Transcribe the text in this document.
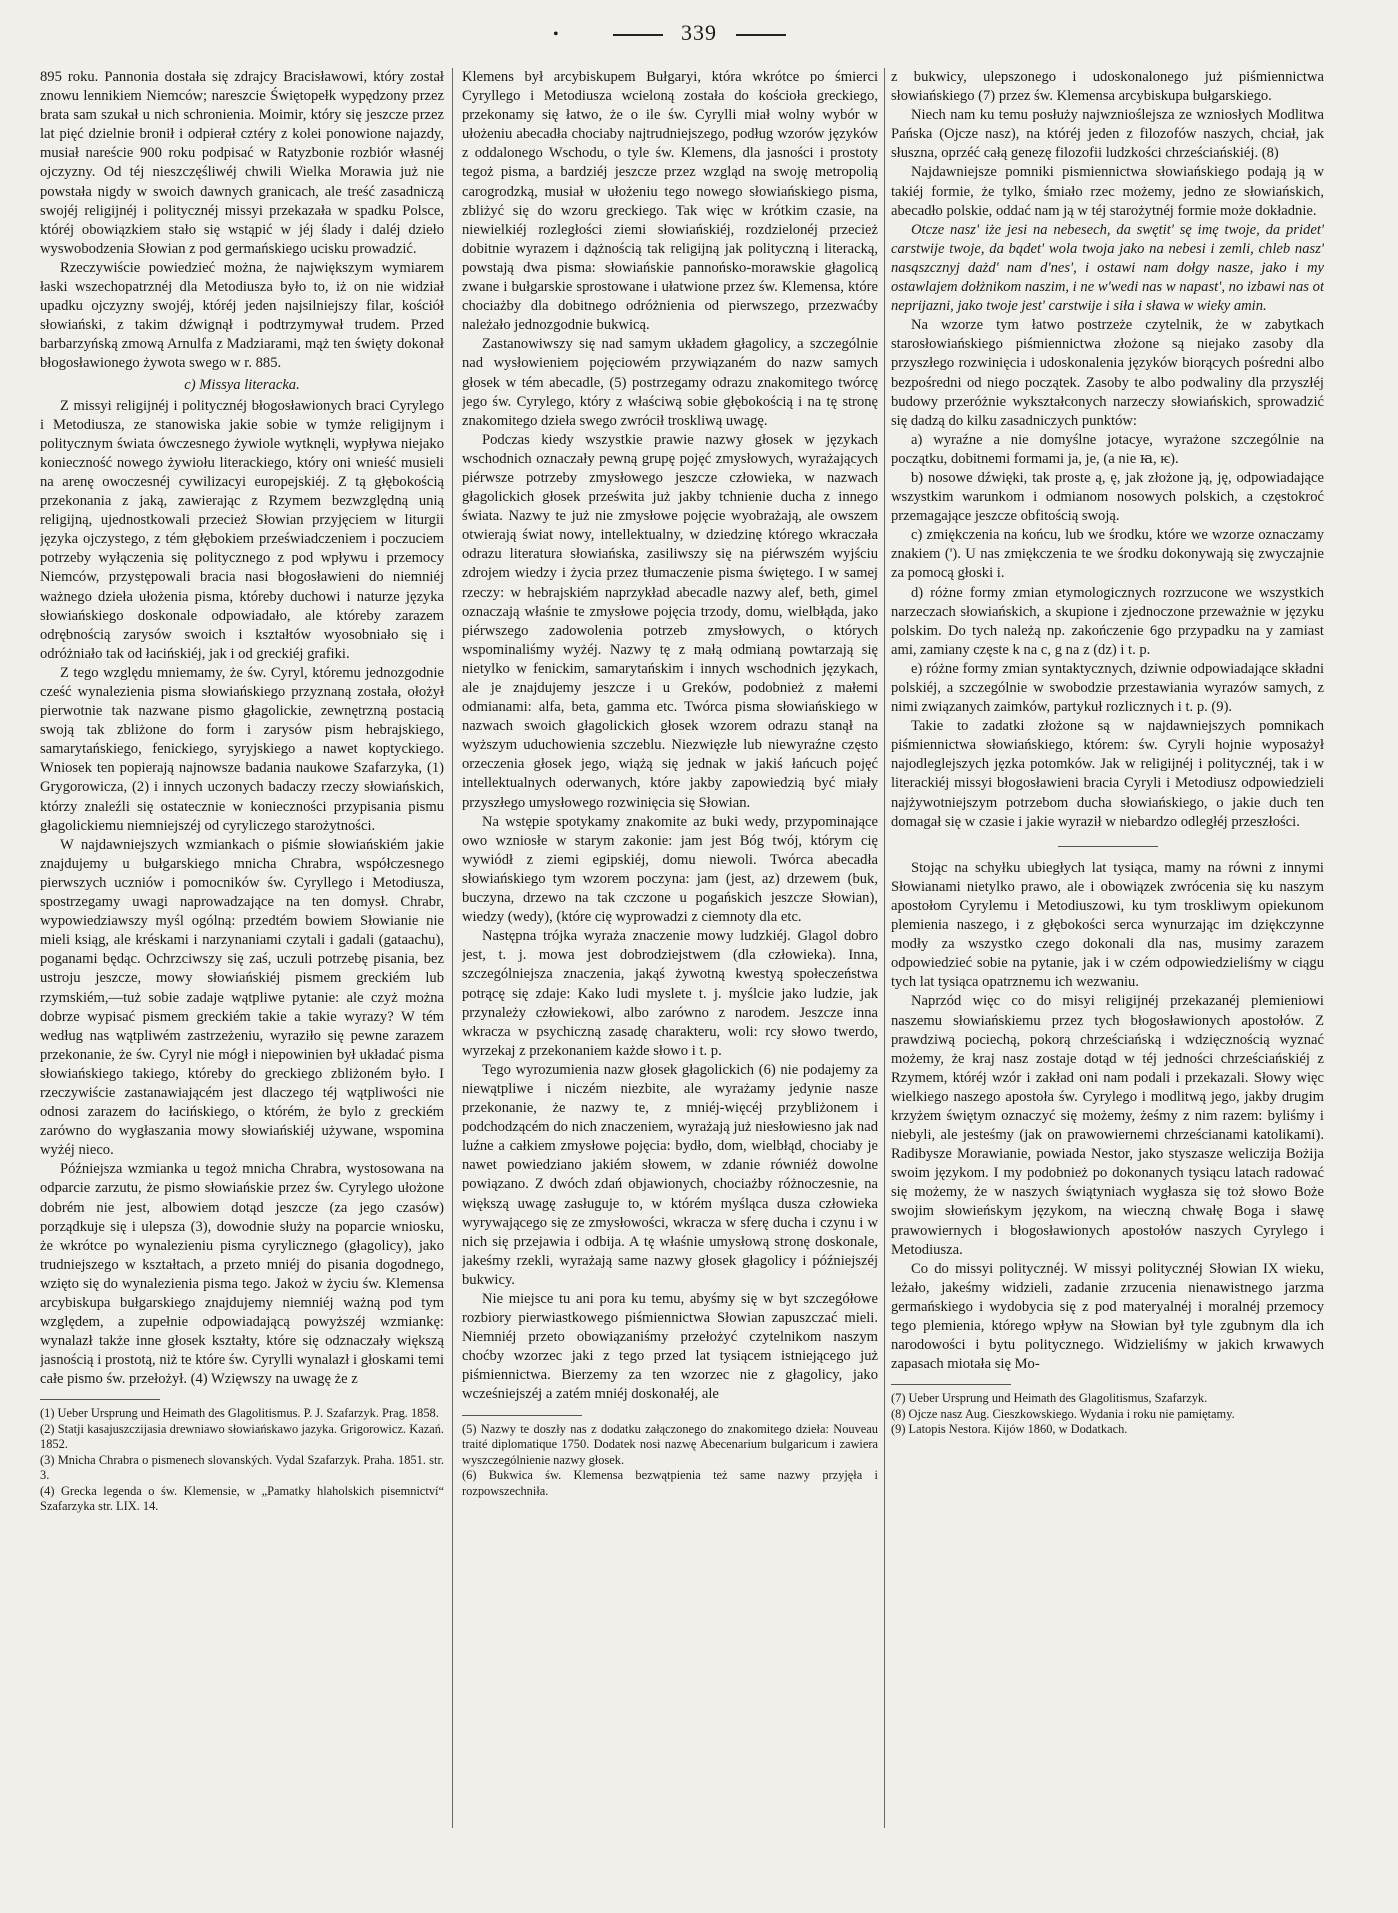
•	339

895 roku. Pannonia dostała się zdrajcy Bracisławowi, który został znowu lennikiem Niemców; nareszcie Świętopełk wypędzony przez brata sam szukał u nich schronienia. Moimir, który się jeszcze przez lat pięć dzielnie bronił i odpierał cztéry z kolei ponowione najazdy, musiał nareście 900 roku podpisać w Ratyzbonie rozbiór własnéj ojczyzny. Od téj nieszczęśliwéj chwili Wielka Morawia już nie powstała nigdy w swoich dawnych granicach, ale treść zasadniczą swojéj religijnéj i politycznéj missyi przekazała w spadku Polsce, któréj obowiązkiem stało się wstąpić w jéj ślady i daléj dzieło wyswobodzenia Słowian z pod germańskiego ucisku prowadzić.

Rzeczywiście powiedzieć można, że największym wymiarem łaski wszechopatrznéj dla Metodiusza było to, iż on nie widział upadku ojczyzny swojéj, któréj jeden najsilniejszy filar, kościół słowiański, z takim dźwignął i podtrzymywał trudem. Przed barbarzyńską zmową Arnulfa z Madziarami, mąż ten święty dokonał błogosławionego żywota swego w r. 885.

c) Missya literacka.

Z missyi religijnéj i politycznéj błogosławionych braci Cyrylego i Metodiusza, ze stanowiska jakie sobie w tymże religijnym i politycznym świata ówczesnego żywiole wytknęli, wypływa niejako konieczność nowego żywiołu literackiego, który oni wnieść musieli na arenę owoczesnéj cywilizacyi europejskiéj. Z tą głębokością przekonania z jaką, zawierając z Rzymem bezwzględną unią religijną, ujednostkowali przecież Słowian przyjęciem w liturgii języka ojczystego, z tém głębokiem przeświadczeniem i poczuciem potrzeby wyłączenia się politycznego z pod wpływu i przemocy Niemców, przystępowali bracia nasi błogosławieni do niemniéj ważnego dzieła ułożenia pisma, któreby duchowi i naturze języka słowiańskiego doskonale odpowiadało, ale któreby zarazem odrębnością zarysów swoich i kształtów wyosobniało się i odróżniało tak od łacińskiéj, jak i od greckiéj grafiki.

Z tego względu mniemamy, że św. Cyryl, któremu jednozgodnie cześć wynalezienia pisma słowiańskiego przyznaną została, ołożył pierwotnie tak nazwane pismo głagolickie, zewnętrzną postacią swoją tak zbliżone do form i zarysów pism hebrajskiego, samarytańskiego, fenickiego, syryjskiego a nawet koptyckiego. Wniosek ten popierają najnowsze badania naukowe Szafarzyka, (1) Grygorowicza, (2) i innych uczonych badaczy rzeczy słowiańskich, którzy znaleźli się ostatecznie w konieczności przypisania pismu głagolickiemu niemniejszéj od cyryliczego starożytności.

W najdawniejszych wzmiankach o piśmie słowiańskiém jakie znajdujemy u bułgarskiego mnicha Chrabra, współczesnego pierwszych uczniów i pomocników św. Cyryllego i Metodiusza, spostrzegamy uwagi naprowadzające na ten domysł. Chrabr, wypowiedziawszy myśl ogólną: przedtém bowiem Słowianie nie mieli ksiąg, ale kréskami i narzynaniami czytali i gadali (gataachu), poganami będąc. Ochrzciwszy się zaś, uczuli potrzebę pisania, bez ustroju jeszcze, mowy słowiańskiéj pismem greckiém lub rzymskiém,—tuż sobie zadaje wątpliwe pytanie: ale czyż można dobrze wypisać pismem greckiém takie a takie wyrazy? W tém według nas wątpliwém zastrzeżeniu, wyraziło się pewne zarazem przekonanie, że św. Cyryl nie mógł i niepowinien był układać pisma słowiańskiego takiego, któreby do greckiego zbliżoném było. I rzeczywiście zastanawiającém jest dlaczego téj wątpliwości nie odnosi zarazem do łacińskiego, o którém, że bylo z greckiém zarówno do wygłaszania mowy słowiańskiéj używane, wspomina wyżéj nieco.

Późniejsza wzmianka u tegoż mnicha Chrabra, wystosowana na odparcie zarzutu, że pismo słowiańskie przez św. Cyrylego ułożone dobrém nie jest, albowiem dotąd jeszcze (za jego czasów) porządkuje się i ulepsza (3), dowodnie służy na poparcie wniosku, że wkrótce po wynalezieniu pisma cyrylicznego (głagolicy), jako trudniejszego w kształtach, a przeto mniéj do pisania dogodnego, wzięto się do wynalezienia pisma tego. Jakoż w życiu św. Klemensa arcybiskupa bułgarskiego znajdujemy niemniéj ważną pod tym względem, a zupełnie odpowiadającą powyższéj wzmiankę: wynalazł także inne głosek kształty, które się odznaczały większą jasnością i prostotą, niż te które św. Cyrylli wynalazł i głoskami temi całe pismo św. przełożył. (4) Wzięwszy na uwagę że z

(1) Ueber Ursprung und Heimath des Glagolitismus. P. J. Szafarzyk. Prag. 1858.

(2) Statji kasajuszczijasia drewniawo słowiańskawo jazyka. Grigorowicz. Kazań. 1852.

(3) Mnicha Chrabra o pismenech slovanských. Vydal Szafarzyk. Praha. 1851. str. 3.

(4) Grecka legenda o św. Klemensie, w „Pamatky hlaholskich pisemnictví“ Szafarzyka str. LIX. 14.

Klemens był arcybiskupem Bułgaryi, która wkrótce po śmierci Cyryllego i Metodiusza wcieloną została do kościoła greckiego, przekonamy się łatwo, że o ile św. Cyrylli miał wolny wybór w ułożeniu abecadła chociaby najtrudniejszego, podług wzorów języków z oddalonego Wschodu, o tyle św. Klemens, dla jasności i prostoty tegoż pisma, a bardziéj jeszcze przez wzgląd na swoję metropolią carogrodzką, musiał w ułożeniu tego nowego słowiańskiego pisma, zbliżyć się do wzoru greckiego. Tak więc w krótkim czasie, na niewielkiéj rozległości ziemi słowiańskiéj, rozdzielonéj przecież dobitnie wyrazem i dążnością tak religijną jak polityczną i literacką, powstają dwa pisma: słowiańskie pannońsko-morawskie głagolicą zwane i bułgarskie sprostowane i ułatwione przez św. Klemensa, które chociażby dla dobitnego odróżnienia od pierwszego, przezwaćby należało jednozgodnie bukwicą.

Zastanowiwszy się nad samym układem głagolicy, a szczególnie nad wysłowieniem pojęciowém przywiązaném do nazw samych głosek w tém abecadle, (5) postrzegamy odrazu znakomitego twórcę jego św. Cyrylego, który z właściwą sobie głębokością i na tę stronę znakomitego dzieła swego zwrócił troskliwą uwagę.

Podczas kiedy wszystkie prawie nazwy głosek w językach wschodnich oznaczały pewną grupę pojęć zmysłowych, wyrażających piérwsze potrzeby zmysłowego jeszcze człowieka, w nazwach głagolickich głosek prześwita już jakby tchnienie ducha z innego świata. Nazwy te już nie zmysłowe pojęcie wyobrażają, ale owszem otwierają świat nowy, intellektualny, w dziedzinę którego wkraczała odrazu literatura słowiańska, zasiliwszy się na piérwszém wyjściu zdrojem wiedzy i życia przez tłumaczenie pisma świętego. I w samej rzeczy: w hebrajskiém naprzykład abecadle nazwy alef, beth, gimel oznaczają właśnie te zmysłowe pojęcia trzody, domu, wielbłąda, jako piérwszego zadowolenia potrzeb zmysłowych, o których wspominaliśmy wyżéj. Nazwy tę z małą odmianą powtarzają się nietylko w fenickim, samarytańskim i innych wschodnich językach, ale je znajdujemy jeszcze i u Greków, podobnież z małemi odmianami: alfa, beta, gamma etc. Twórca pisma słowiańskiego w nazwach swoich głagolickich głosek wzorem odrazu stanął na wyższym uduchowienia szczeblu. Niezwięzłe lub niewyraźne często orzeczenia głosek jego, wiążą się jednak w jakiś łańcuch pojęć intellektualnych oderwanych, które jakby zapowiedzią być miały przyszłego umysłowego rozwinięcia się Słowian.

Na wstępie spotykamy znakomite az buki wedy, przypominające owo wzniosłe w starym zakonie: jam jest Bóg twój, którym cię wywiódł z ziemi egipskiéj, domu niewoli. Twórca abecadła słowiańskiego tym wzorem poczyna: jam (jest, az) drzewem (buk, buczyna, drzewo na tak czczone u pogańskich jeszcze Słowian), wiedzy (wedy), (które cię wyprowadzi z ciemnoty dla etc.

Następna trójka wyraża znaczenie mowy ludzkiéj. Glagol dobro jest, t. j. mowa jest dobrodziejstwem (dla człowieka). Inna, szczególniejsza znaczenia, jakąś żywotną kwestyą społeczeństwa potrącę się zdaje: Kako ludi myslete t. j. myślcie jako ludzie, jak przynależy człowiekowi, albo zarówno z narodem. Jeszcze inna wkracza w psychiczną zasadę charakteru, woli: rcy słowo twerdo, wyrzekaj z przekonaniem każde słowo i t. p.

Tego wyrozumienia nazw głosek głagolickich (6) nie podajemy za niewątpliwe i niczém niezbite, ale wyrażamy jedynie nasze przekonanie, że nazwy te, z mniéj-więcéj przybliżonem i podchodzącém do nich znaczeniem, wyrażają już niesłowiesno jak nad luźne a całkiem zmysłowe pojęcia: bydło, dom, wielbłąd, chociaby je nawet powiedziano jakiém słowem, w zdanie równiéż dowolne powiązano. Z dwóch zdań objawionych, chociażby różnoczesnie, na większą uwagę zasługuje to, w którém myśląca dusza człowieka wyrywającego się ze zmysłowości, wkracza w sferę ducha i czynu i w nich się przejawia i odbija. A tę właśnie umysłową stronę doskonale, jakeśmy rzekli, wyrażają same nazwy głosek głagolicy i późniejszéj bukwicy.

Nie miejsce tu ani pora ku temu, abyśmy się w byt szczegółowe rozbiory pierwiastkowego piśmiennictwa Słowian zapuszczać mieli. Niemniéj przeto obowiązaniśmy przełożyć czytelnikom naszym choćby wzorzec jaki z tego przed lat tysiącem istniejącego już piśmiennictwa. Bierzemy za ten wzorzec nie z głagolicy, jako wcześniejszéj a zatém mniéj doskonałéj, ale

(5) Nazwy te doszły nas z dodatku załączonego do znakomitego dzieła: Nouveau traité diplomatique 1750. Dodatek nosi nazwę Abecenarium bulgaricum i zawiera wyszczególnienie nazwy głosek.

(6) Bukwica św. Klemensa bezwątpienia też same nazwy przyjęła i rozpowszechniła.

z bukwicy, ulepszonego i udoskonalonego już piśmiennictwa słowiańskiego (7) przez św. Klemensa arcybiskupa bułgarskiego.

Niech nam ku temu posłuży najwznioślejsza ze wzniosłych Modlitwa Pańska (Ojcze nasz), na któréj jeden z filozofów naszych, chciał, jak słuszna, oprzéć całą genezę filozofii ludzkości chrześciańskiéj. (8)

Najdawniejsze pomniki pismiennictwa słowiańskiego podają ją w takiéj formie, że tylko, śmiało rzec możemy, jedno ze słowiańskich, abecadło polskie, oddać nam ją w téj starożytnéj formie może dokładnie.

Otcze nasz' iże jesi na nebesech, da swętit' sę imę twoje, da pridet' carstwije twoje, da bądet' wola twoja jako na nebesi i zemli, chleb nasz' nasąszcznyj dażd' nam d'nes', i ostawi nam dołgy nasze, jako i my ostawlajem dołżnikom naszim, i ne w'wedi nas w napast', no izbawi nas ot neprijazni, jako twoje jest' carstwije i siła i sława w wieky amin.

Na wzorze tym łatwo postrzeże czytelnik, że w zabytkach starosłowiańskiego piśmiennictwa złożone są niejako zasoby dla przyszłego rozwinięcia i udoskonalenia języków biorących pośredni albo bezpośredni od niego początek. Zasoby te albo podwaliny dla przyszłéj budowy przeróżnie wykształconych narzeczy słowiańskich, sprowadzić się dadzą do kilku zasadniczych punktów:

a) wyraźne a nie domyślne jotacye, wyrażone szczególnie na początku, dobitnemi formami ja, je, (a nie ꙗ, ѥ).

b) nosowe dźwięki, tak proste ą, ę, jak złożone ją, ję, odpowiadające wszystkim warunkom i odmianom nosowych polskich, a częstokroć przemagające jeszcze obfitością swoją.

c) zmiękczenia na końcu, lub we środku, które we wzorze oznaczamy znakiem ('). U nas zmiękczenia te we środku dokonywają się zwyczajnie za pomocą głoski i.

d) różne formy zmian etymologicznych rozrzucone we wszystkich narzeczach słowiańskich, a skupione i zjednoczone przeważnie w języku polskim. Do tych należą np. zakończenie 6go przypadku na y zamiast ami, zamiany częste k na c, g na z (dz) i t. p.

e) różne formy zmian syntaktycznych, dziwnie odpowiadające składni polskiéj, a szczególnie w swobodzie przestawiania wyrazów samych, z nimi związanych zaimków, partykuł rozlicznych i t. p. (9).

Takie to zadatki złożone są w najdawniejszych pomnikach piśmiennictwa słowiańskiego, którem: św. Cyryli hojnie wyposażył najodleglejszych jęzka potomków. Jak w religijnéj i politycznéj, tak i w literackiéj missyi błogosławieni bracia Cyryli i Metodiusz odpowiedzieli najżywotniejszym potrzebom ducha słowiańskiego, o jakie duch ten domagał się w czasie i jakie wyraził w niebardzo odległéj przeszłości.

Stojąc na schyłku ubiegłych lat tysiąca, mamy na równi z innymi Słowianami nietylko prawo, ale i obowiązek zwrócenia się ku naszym apostołom Cyrylemu i Metodiuszowi, ku tym troskliwym opiekunom plemienia naszego, i z głębokości serca wynurzając im dziękczynne modły za wszystko czego dokonali dla nas, musimy zarazem odpowiedzieć sobie na pytanie, jak i w czém odpowiedzieliśmy w ciągu tych lat tysiąca opatrznemu ich wezwaniu.

Naprzód więc co do misyi religijnéj przekazanéj plemieniowi naszemu słowiańskiemu przez tych błogosławionych apostołów. Z prawdziwą pociechą, pokorą chrześciańską i wdzięcznością wyznać możemy, że kraj nasz zostaje dotąd w téj jedności chrześciańskiéj z Rzymem, któréj wzór i zakład oni nam podali i przekazali. Słowy więc wielkiego naszego apostoła św. Cyrylego i modlitwą jego, jakby drugim krzyżem świętym oznaczyć się możemy, żeśmy z nim razem: byliśmy i niebyli, ale jesteśmy (jak on prawowiernemi chrześcianami katolikami). Radibysze Morawianie, powiada Nestor, jako styszasze weliczija Bożija swoim językom. I my podobnież po dokonanych tysiącu latach radować się możemy, że w naszych świątyniach wygłasza się toż słowo Boże swojim słowieńskym językom, na wieczną chwałę Boga i sławę prawowiernych i błogosławionych apostołów naszych Cyrylego i Metodiusza.

Co do missyi politycznéj. W missyi politycznéj Słowian IX wieku, leżało, jakeśmy widzieli, zadanie zrzucenia nienawistnego jarzma germańskiego i wydobycia się z pod materyalnéj i moralnéj przemocy tego plemienia, którego wpływ na Słowian był tyle zgubnym dla ich narodowości i bytu politycznego. Widzieliśmy w jakich krwawych zapasach miotała się Mo-

(7) Ueber Ursprung und Heimath des Glagolitismus, Szafarzyk.

(8) Ojcze nasz Aug. Cieszkowskiego. Wydania i roku nie pamiętamy.

(9) Latopis Nestora. Kijów 1860, w Dodatkach.
